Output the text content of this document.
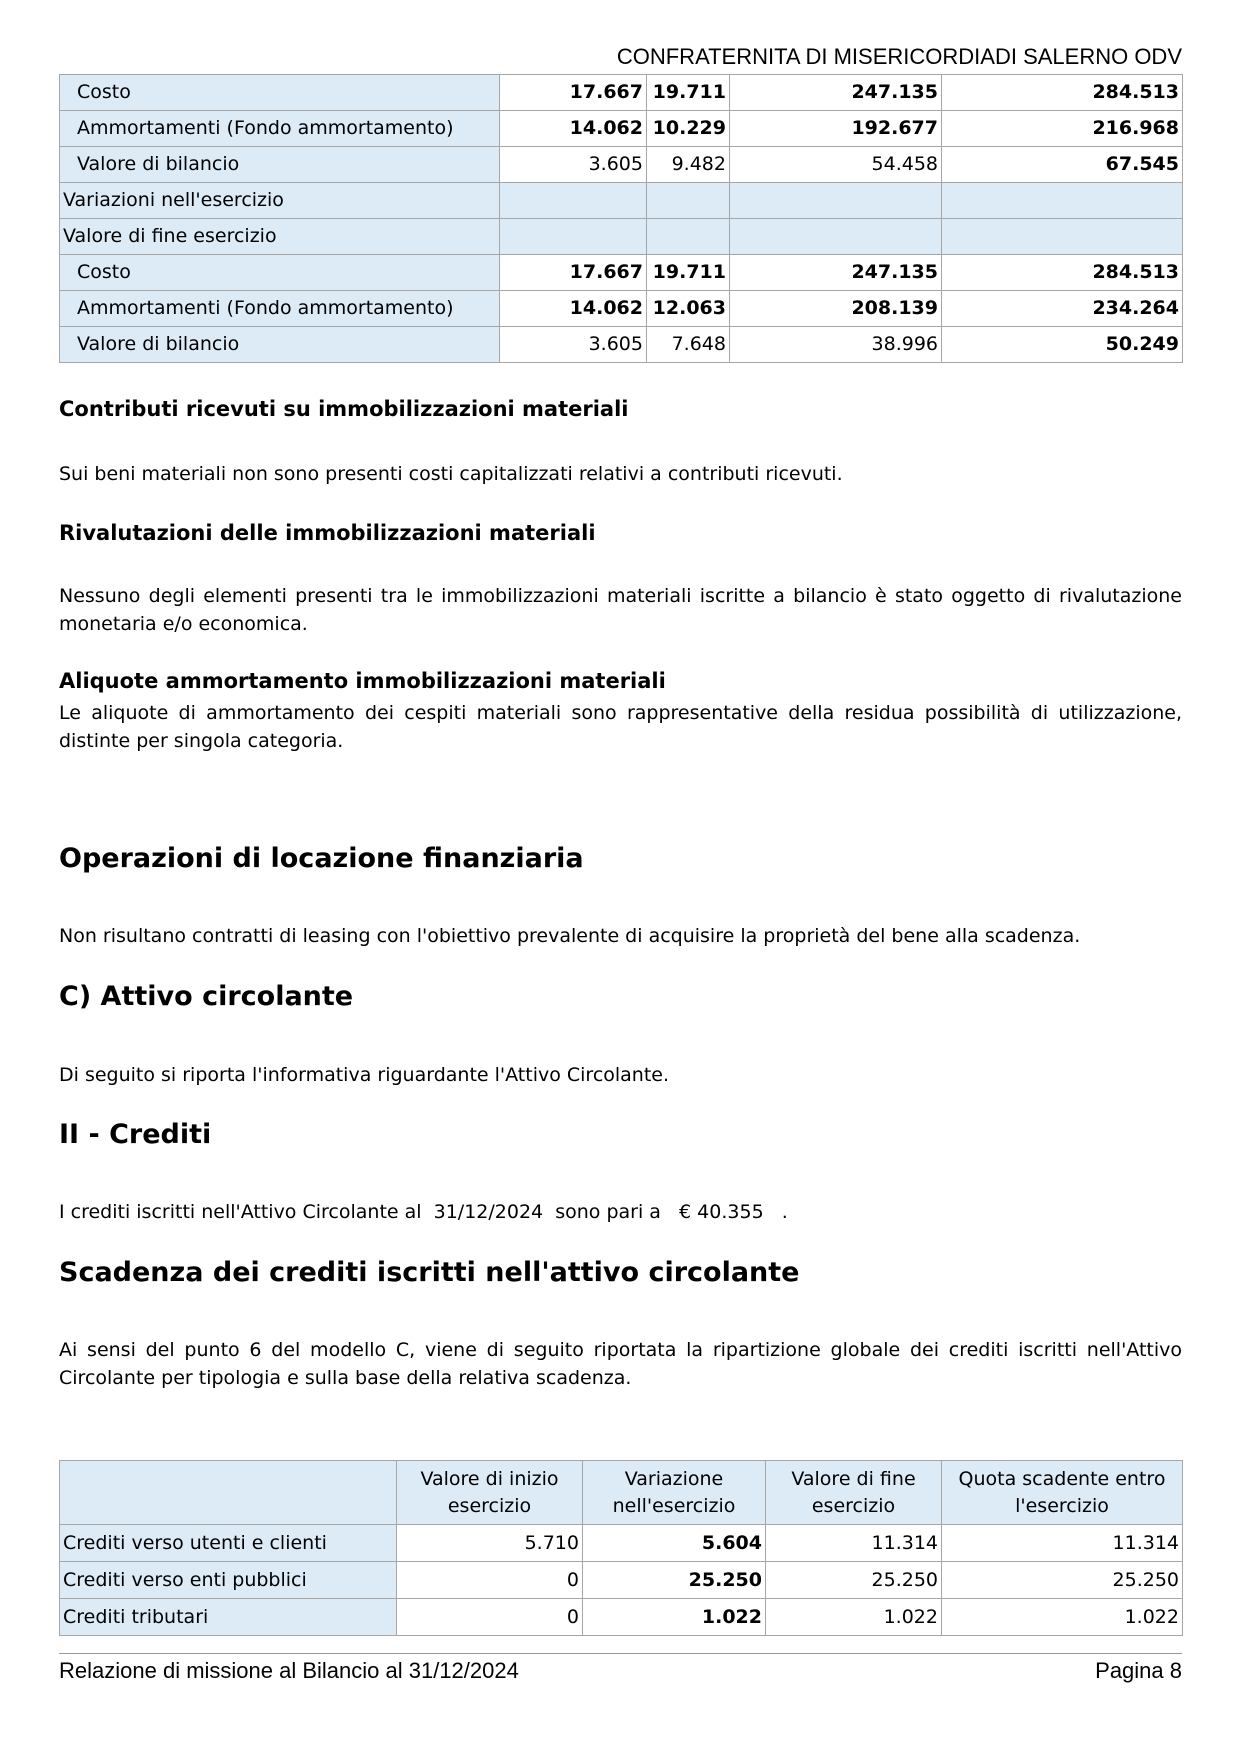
CONFRATERNITA DI MISERICORDIADI SALERNO ODV
Costo	17.667	19.711	247.135	284.513
Ammortamenti (Fondo ammortamento)	14.062	10.229	192.677	216.968
Valore di bilancio	3.605	9.482	54.458	67.545
Variazioni nell'esercizio				
Valore di fine esercizio				
Costo	17.667	19.711	247.135	284.513
Ammortamenti (Fondo ammortamento)	14.062	12.063	208.139	234.264
Valore di bilancio	3.605	7.648	38.996	50.249
Contributi ricevuti su immobilizzazioni materiali
Sui beni materiali non sono presenti costi capitalizzati relativi a contributi ricevuti.
Rivalutazioni delle immobilizzazioni materiali
Nessuno degli elementi presenti tra le immobilizzazioni materiali iscritte a bilancio è stato oggetto di rivalutazione monetaria e/o economica.
Aliquote ammortamento immobilizzazioni materiali
Le aliquote di ammortamento dei cespiti materiali sono rappresentative della residua possibilità di utilizzazione, distinte per singola categoria.
Operazioni di locazione finanziaria
Non risultano contratti di leasing con l'obiettivo prevalente di acquisire la proprietà del bene alla scadenza.
C) Attivo circolante
Di seguito si riporta l'informativa riguardante l'Attivo Circolante.
II - Crediti
I crediti iscritti nell'Attivo Circolante al  31/12/2024  sono pari a   € 40.355   .
Scadenza dei crediti iscritti nell'attivo circolante
Ai sensi del punto 6 del modello C, viene di seguito riportata la ripartizione globale dei crediti iscritti nell'Attivo Circolante per tipologia e sulla base della relativa scadenza.
	Valore di inizio esercizio	Variazione nell'esercizio	Valore di fine esercizio	Quota scadente entro l'esercizio
Crediti verso utenti e clienti	5.710	5.604	11.314	11.314
Crediti verso enti pubblici	0	25.250	25.250	25.250
Crediti tributari	0	1.022	1.022	1.022
Relazione di missione al Bilancio al 31/12/2024	Pagina 8
